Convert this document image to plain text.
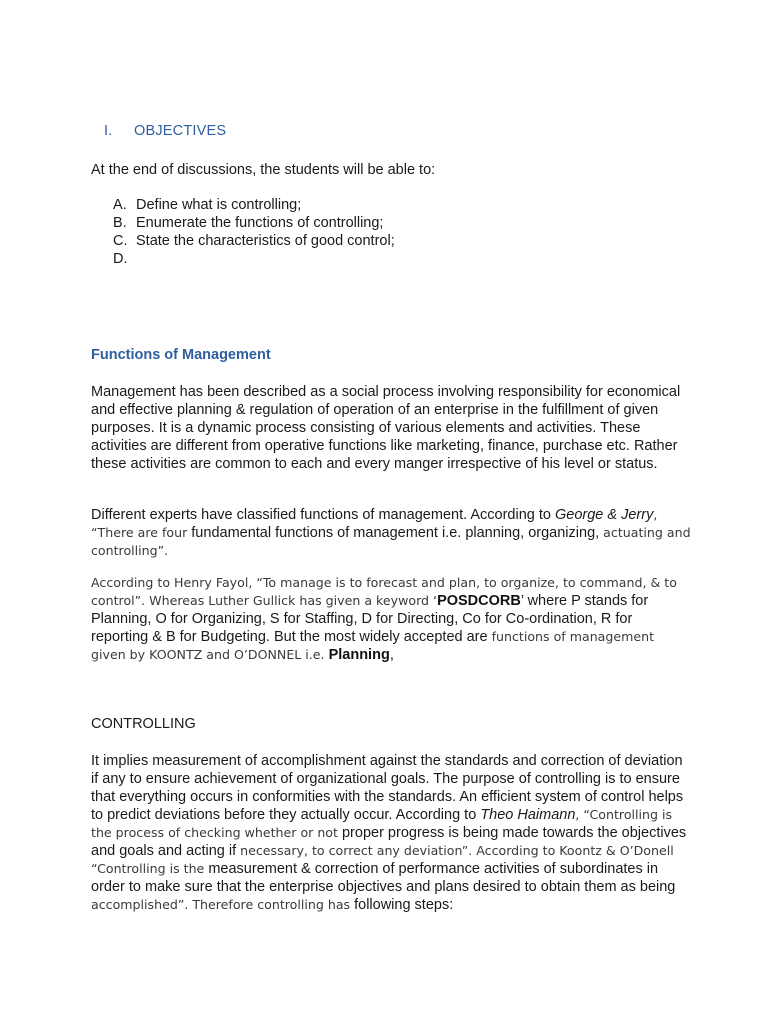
I. OBJECTIVES
At the end of discussions, the students will be able to:
A. Define what is controlling;
B. Enumerate the functions of controlling;
C. State the characteristics of good control;
D.
Functions of Management
Management has been described as a social process involving responsibility for economical and effective planning & regulation of operation of an enterprise in the fulfillment of given purposes. It is a dynamic process consisting of various elements and activities. These activities are different from operative functions like marketing, finance, purchase etc. Rather these activities are common to each and every manger irrespective of his level or status.
Different experts have classified functions of management. According to George & Jerry, “There are four fundamental functions of management i.e. planning, organizing, actuating and controlling”.
According to Henry Fayol, “To manage is to forecast and plan, to organize, to command, & to control”. Whereas Luther Gullick has given a keyword ‘POSDCORB’ where P stands for Planning, O for Organizing, S for Staffing, D for Directing, Co for Co-ordination, R for reporting & B for Budgeting. But the most widely accepted are functions of management given by KOONTZ and O’DONNEL i.e. Planning,
CONTROLLING
It implies measurement of accomplishment against the standards and correction of deviation if any to ensure achievement of organizational goals. The purpose of controlling is to ensure that everything occurs in conformities with the standards. An efficient system of control helps to predict deviations before they actually occur. According to Theo Haimann, “Controlling is the process of checking whether or not proper progress is being made towards the objectives and goals and acting if necessary, to correct any deviation”. According to Koontz & O’Donell “Controlling is the measurement & correction of performance activities of subordinates in order to make sure that the enterprise objectives and plans desired to obtain them as being accomplished”. Therefore controlling has following steps:
